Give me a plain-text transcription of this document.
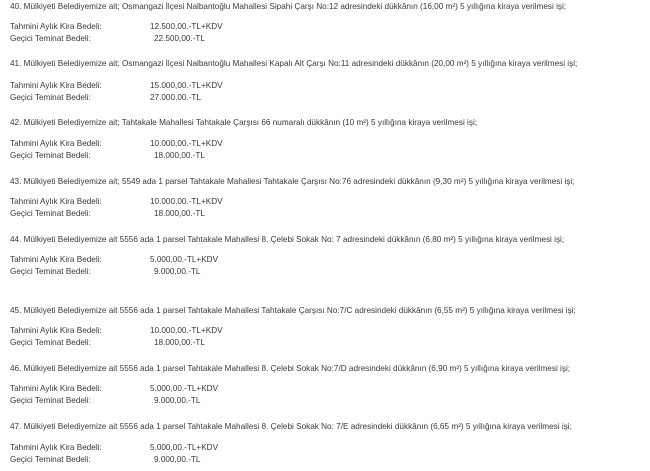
40. Mülkiyeti Belediyemize ait; Osmangazi İlçesi Nalbantoğlu Mahallesi Sipahi Çarşı No:12 adresindeki dükkânın (16,00 m²) 5 yıllığına kiraya verilmesi işi;
Tahmini Aylık Kira Bedeli:	12.500,00.-TL+KDV
Geçici Teminat Bedeli:	22.500,00.-TL
41. Mülkiyeti Belediyemize ait; Osmangazi İlçesi Nalbantoğlu Mahallesi Kapalı Alt Çarşı No:11 adresindeki dükkânın (20,00 m²) 5 yıllığına kiraya verilmesi işi;
Tahmini Aylık Kira Bedeli:	15.000,00.-TL+KDV
Geçici Teminat Bedeli:	27.000,00.-TL
42. Mülkiyeti Belediyemize ait; Tahtakale Mahallesi Tahtakale Çarşısı 66 numaralı dükkânın (10 m²) 5 yıllığına kiraya verilmesi işi;
Tahmini Aylık Kira Bedeli:	10.000,00.-TL+KDV
Geçici Teminat Bedeli:	18.000,00.-TL
43. Mülkiyeti Belediyemize ait; 5549 ada 1 parsel Tahtakale Mahallesi Tahtakale Çarşısı No:76 adresindeki dükkânın (9,30 m²) 5 yıllığına kiraya verilmesi işi;
Tahmini Aylık Kira Bedeli:	10.000,00.-TL+KDV
Geçici Teminat Bedeli:	18.000,00.-TL
44. Mülkiyeti Belediyemize ait 5556 ada 1 parsel Tahtakale Mahallesi 8. Çelebi Sokak No: 7 adresindeki dükkânın (6,80 m²) 5 yıllığına kiraya verilmesi işi;
Tahmini Aylık Kira Bedeli:	5.000,00.-TL+KDV
Geçici Teminat Bedeli:	9.000,00.-TL
45. Mülkiyeti Belediyemize ait 5556 ada 1 parsel Tahtakale Mahallesi Tahtakale Çarşısı No:7/C adresindeki dükkânın (6,55 m²) 5 yıllığına kiraya verilmesi işi;
Tahmini Aylık Kira Bedeli:	10.000,00.-TL+KDV
Geçici Teminat Bedeli:	18.000,00.-TL
46. Mülkiyeti Belediyemize ait 5556 ada 1 parsel Tahtakale Mahallesi 8. Çelebi Sokak No:7/D adresindeki dükkânın (6,90 m²) 5 yıllığına kiraya verilmesi işi;
Tahmini Aylık Kira Bedeli:	5.000,00.-TL+KDV
Geçici Teminat Bedeli:	9.000,00.-TL
47. Mülkiyeti Belediyemize ait 5556 ada 1 parsel Tahtakale Mahallesi 8. Çelebi Sokak No: 7/E adresindeki dükkânın (6,65 m²) 5 yıllığına kiraya verilmesi işi;
Tahmini Aylık Kira Bedeli:	5.000,00.-TL+KDV
Geçici Teminat Bedeli:	9.000,00.-TL
